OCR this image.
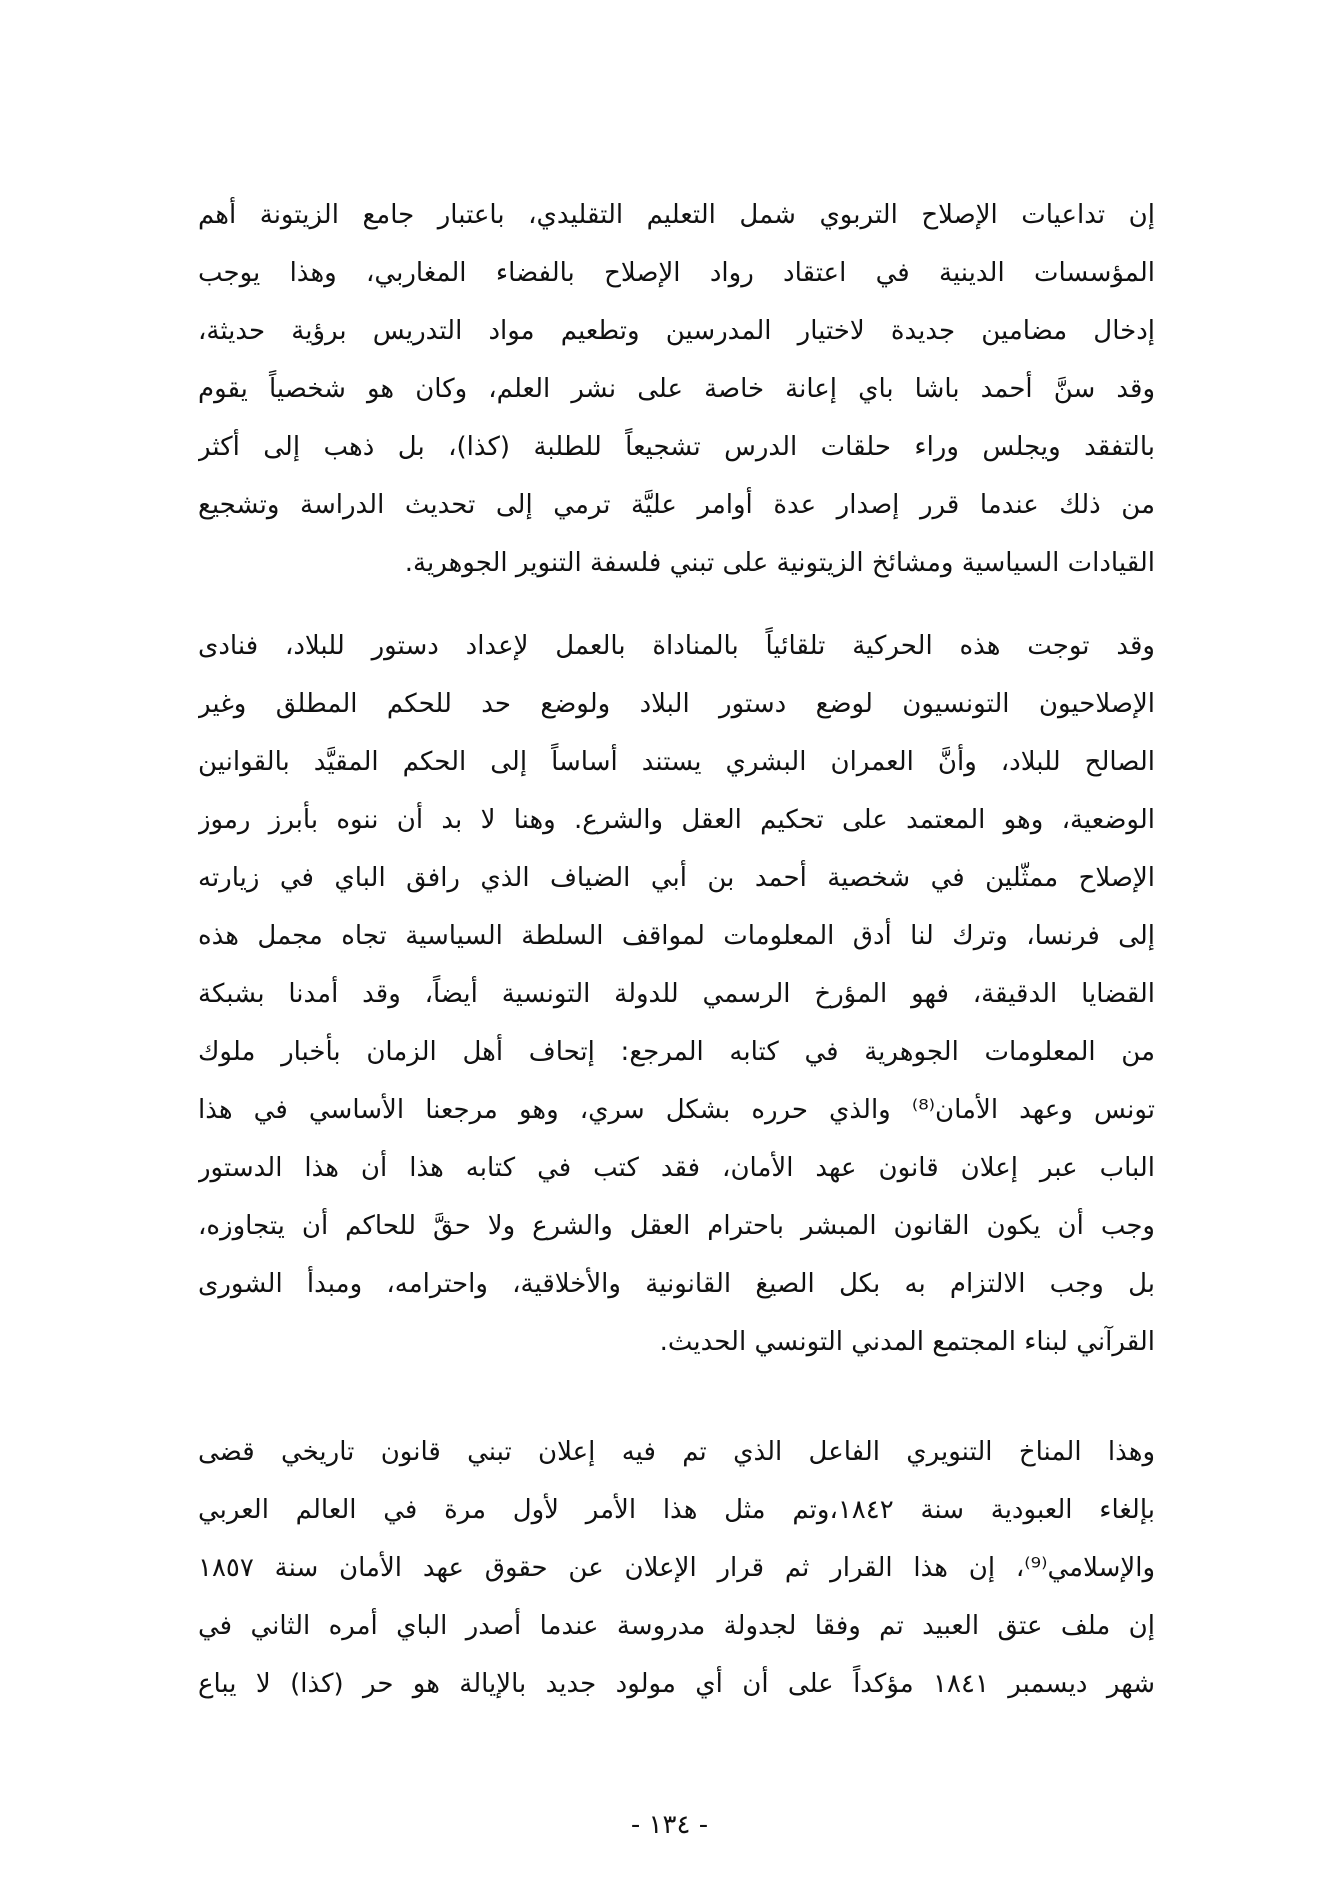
إن تداعيات الإصلاح التربوي شمل التعليم التقليدي، باعتبار جامع الزيتونة أهم
المؤسسات الدينية في اعتقاد رواد الإصلاح بالفضاء المغاربي، وهذا يوجب
إدخال مضامين جديدة لاختيار المدرسين وتطعيم مواد التدريس برؤية حديثة،
وقد سنَّ أحمد باشا باي إعانة خاصة على نشر العلم، وكان هو شخصياً يقوم
بالتفقد ويجلس وراء حلقات الدرس تشجيعاً للطلبة (كذا)، بل ذهب إلى أكثر
من ذلك عندما قرر إصدار عدة أوامر عليَّة ترمي إلى تحديث الدراسة وتشجيع
القيادات السياسية ومشائخ الزيتونية على تبني فلسفة التنوير الجوهرية.
وقد توجت هذه الحركية تلقائياً بالمناداة بالعمل لإعداد دستور للبلاد، فنادى
الإصلاحيون التونسيون لوضع دستور البلاد ولوضع حد للحكم المطلق وغير
الصالح للبلاد، وأنَّ العمران البشري يستند أساساً إلى الحكم المقيَّد بالقوانين
الوضعية، وهو المعتمد على تحكيم العقل والشرع. وهنا لا بد أن ننوه بأبرز رموز
الإصلاح ممثّلين في شخصية أحمد بن أبي الضياف الذي رافق الباي في زيارته
إلى فرنسا، وترك لنا أدق المعلومات لمواقف السلطة السياسية تجاه مجمل هذه
القضايا الدقيقة، فهو المؤرخ الرسمي للدولة التونسية أيضاً، وقد أمدنا بشبكة
من المعلومات الجوهرية في كتابه المرجع: إتحاف أهل الزمان بأخبار ملوك
تونس وعهد الأمان⁽⁸⁾ والذي حرره بشكل سري، وهو مرجعنا الأساسي في هذا
الباب عبر إعلان قانون عهد الأمان، فقد كتب في كتابه هذا أن هذا الدستور
وجب أن يكون القانون المبشر باحترام العقل والشرع ولا حقَّ للحاكم أن يتجاوزه،
بل وجب الالتزام به بكل الصيغ القانونية والأخلاقية، واحترامه، ومبدأ الشورى
القرآني لبناء المجتمع المدني التونسي الحديث.
وهذا المناخ التنويري الفاعل الذي تم فيه إعلان تبني قانون تاريخي قضى
بإلغاء العبودية سنة ١٨٤٢،وتم مثل هذا الأمر لأول مرة في العالم العربي
والإسلامي⁽⁹⁾، إن هذا القرار ثم قرار الإعلان عن حقوق عهد الأمان سنة ١٨٥٧
إن ملف عتق العبيد تم وفقا لجدولة مدروسة عندما أصدر الباي أمره الثاني في
شهر ديسمبر ١٨٤١ مؤكداً على أن أي مولود جديد بالإيالة هو حر (كذا) لا يباع
- ١٣٤ -
